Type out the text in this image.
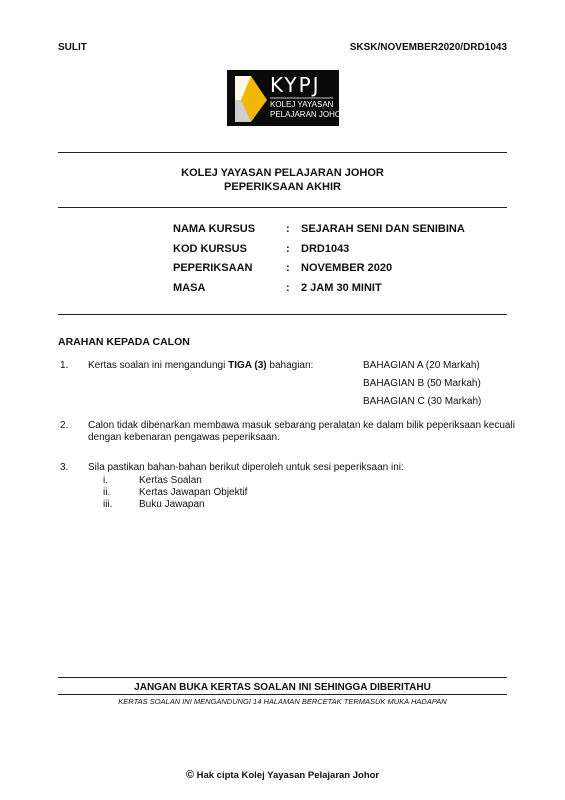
SULIT	SKSK/NOVEMBER2020/DRD1043
KYPJ
KOLEJ YAYASAN
PELAJARAN JOHOR
KOLEJ YAYASAN PELAJARAN JOHOR
PEPERIKSAAN AKHIR
NAMA KURSUS	: SEJARAH SENI DAN SENIBINA
KOD KURSUS	: DRD1043
PEPERIKSAAN	: NOVEMBER 2020
MASA	: 2 JAM 30 MINIT
ARAHAN KEPADA CALON
1. Kertas soalan ini mengandungi TIGA (3) bahagian:	BAHAGIAN A (20 Markah)
BAHAGIAN B (50 Markah)
BAHAGIAN C (30 Markah)
2. Calon tidak dibenarkan membawa masuk sebarang peralatan ke dalam bilik peperiksaan kecuali
dengan kebenaran pengawas peperiksaan.
3. Sila pastikan bahan-bahan berikut diperoleh untuk sesi peperiksaan ini:
i.	Kertas Soalan
ii.	Kertas Jawapan Objektif
iii.	Buku Jawapan
JANGAN BUKA KERTAS SOALAN INI SEHINGGA DIBERITAHU
KERTAS SOALAN INI MENGANDUNGI 14 HALAMAN BERCETAK TERMASUK MUKA HADAPAN
© Hak cipta Kolej Yayasan Pelajaran Johor
